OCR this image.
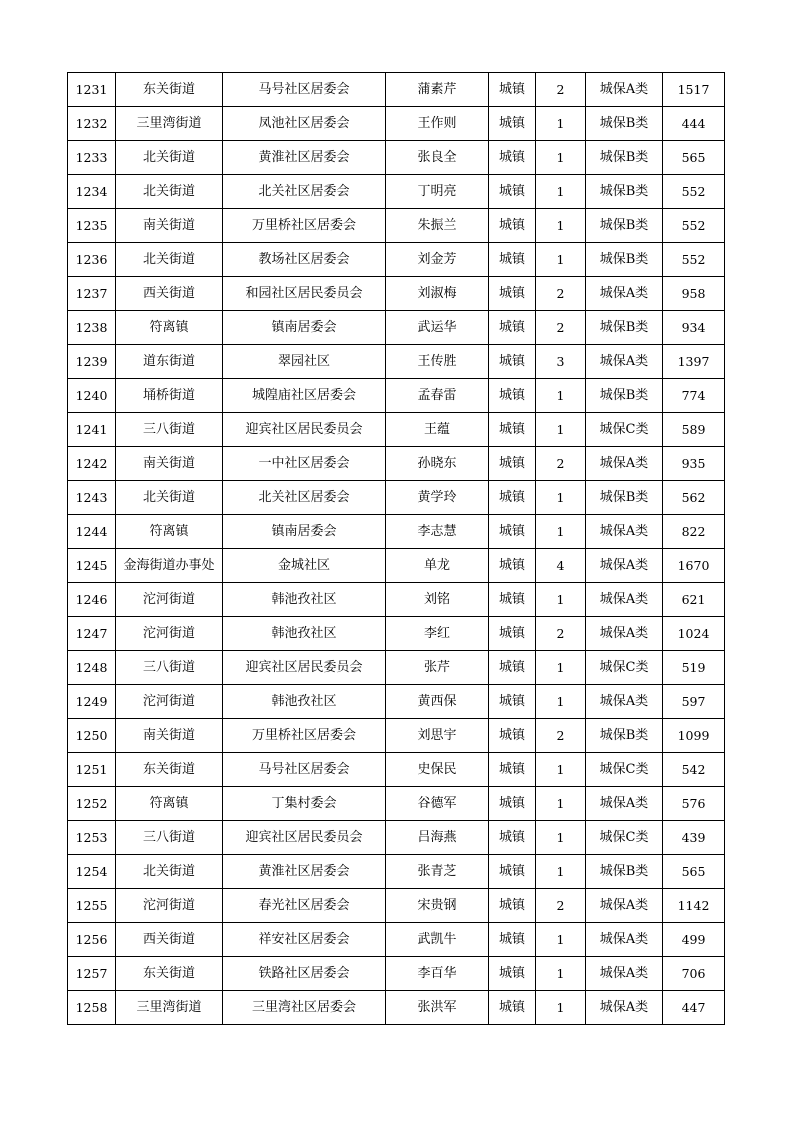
1231	东关街道	马号社区居委会	蒲素芹	城镇	2	城保A类	1517
1232	三里湾街道	凤池社区居委会	王作则	城镇	1	城保B类	444
1233	北关街道	黄淮社区居委会	张良全	城镇	1	城保B类	565
1234	北关街道	北关社区居委会	丁明亮	城镇	1	城保B类	552
1235	南关街道	万里桥社区居委会	朱振兰	城镇	1	城保B类	552
1236	北关街道	教场社区居委会	刘金芳	城镇	1	城保B类	552
1237	西关街道	和园社区居民委员会	刘淑梅	城镇	2	城保A类	958
1238	符离镇	镇南居委会	武运华	城镇	2	城保B类	934
1239	道东街道	翠园社区	王传胜	城镇	3	城保A类	1397
1240	埇桥街道	城隍庙社区居委会	孟春雷	城镇	1	城保B类	774
1241	三八街道	迎宾社区居民委员会	王蕴	城镇	1	城保C类	589
1242	南关街道	一中社区居委会	孙晓东	城镇	2	城保A类	935
1243	北关街道	北关社区居委会	黄学玲	城镇	1	城保B类	562
1244	符离镇	镇南居委会	李志慧	城镇	1	城保A类	822
1245	金海街道办事处	金城社区	单龙	城镇	4	城保A类	1670
1246	沱河街道	韩池孜社区	刘铭	城镇	1	城保A类	621
1247	沱河街道	韩池孜社区	李红	城镇	2	城保A类	1024
1248	三八街道	迎宾社区居民委员会	张芹	城镇	1	城保C类	519
1249	沱河街道	韩池孜社区	黄西保	城镇	1	城保A类	597
1250	南关街道	万里桥社区居委会	刘思宇	城镇	2	城保B类	1099
1251	东关街道	马号社区居委会	史保民	城镇	1	城保C类	542
1252	符离镇	丁集村委会	谷德军	城镇	1	城保A类	576
1253	三八街道	迎宾社区居民委员会	吕海燕	城镇	1	城保C类	439
1254	北关街道	黄淮社区居委会	张青芝	城镇	1	城保B类	565
1255	沱河街道	春光社区居委会	宋贵钢	城镇	2	城保A类	1142
1256	西关街道	祥安社区居委会	武凯牛	城镇	1	城保A类	499
1257	东关街道	铁路社区居委会	李百华	城镇	1	城保A类	706
1258	三里湾街道	三里湾社区居委会	张洪军	城镇	1	城保A类	447
